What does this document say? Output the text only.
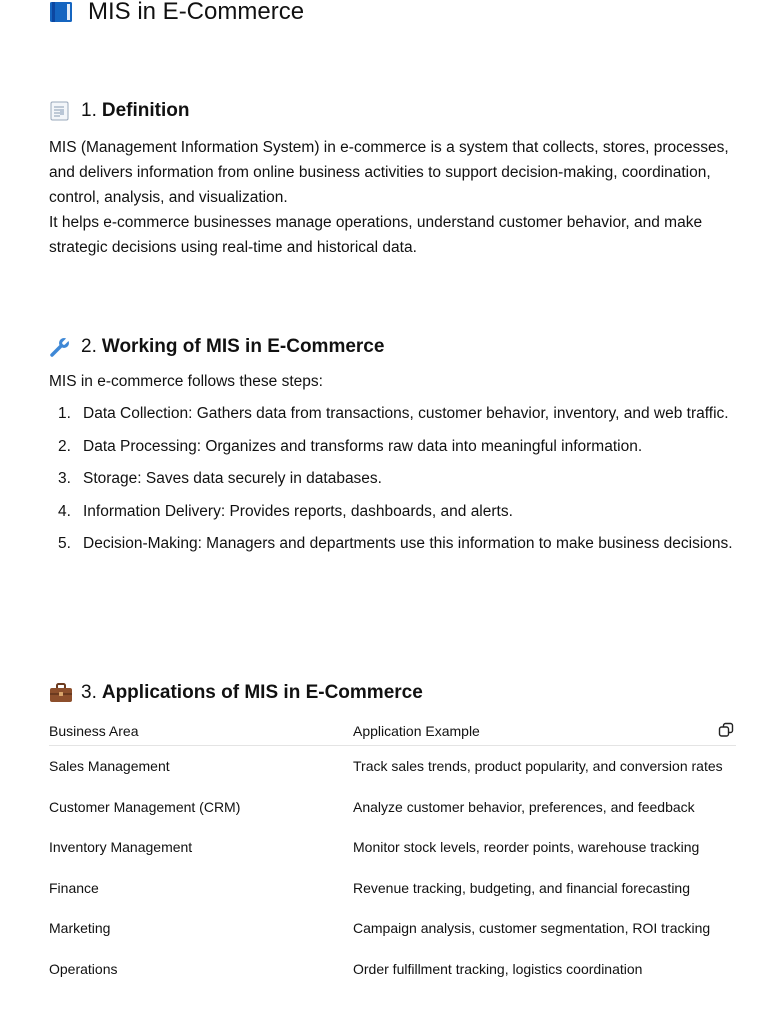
MIS in E-Commerce
1. Definition

MIS (Management Information System) in e-commerce is a system that collects, stores, processes, and delivers information from online business activities to support decision-making, coordination, control, analysis, and visualization.

It helps e-commerce businesses manage operations, understand customer behavior, and make strategic decisions using real-time and historical data.

2. Working of MIS in E-Commerce

MIS in e-commerce follows these steps:

1. Data Collection: Gathers data from transactions, customer behavior, inventory, and web traffic.
2. Data Processing: Organizes and transforms raw data into meaningful information.
3. Storage: Saves data securely in databases.
4. Information Delivery: Provides reports, dashboards, and alerts.
5. Decision-Making: Managers and departments use this information to make business decisions.
3. Applications of MIS in E-Commerce
Business Area	Application Example
Sales Management	Track sales trends, product popularity, and conversion rates
Customer Management (CRM)	Analyze customer behavior, preferences, and feedback
Inventory Management	Monitor stock levels, reorder points, warehouse tracking
Finance	Revenue tracking, budgeting, and financial forecasting
Marketing	Campaign analysis, customer segmentation, ROI tracking
Operations	Order fulfillment tracking, logistics coordination
